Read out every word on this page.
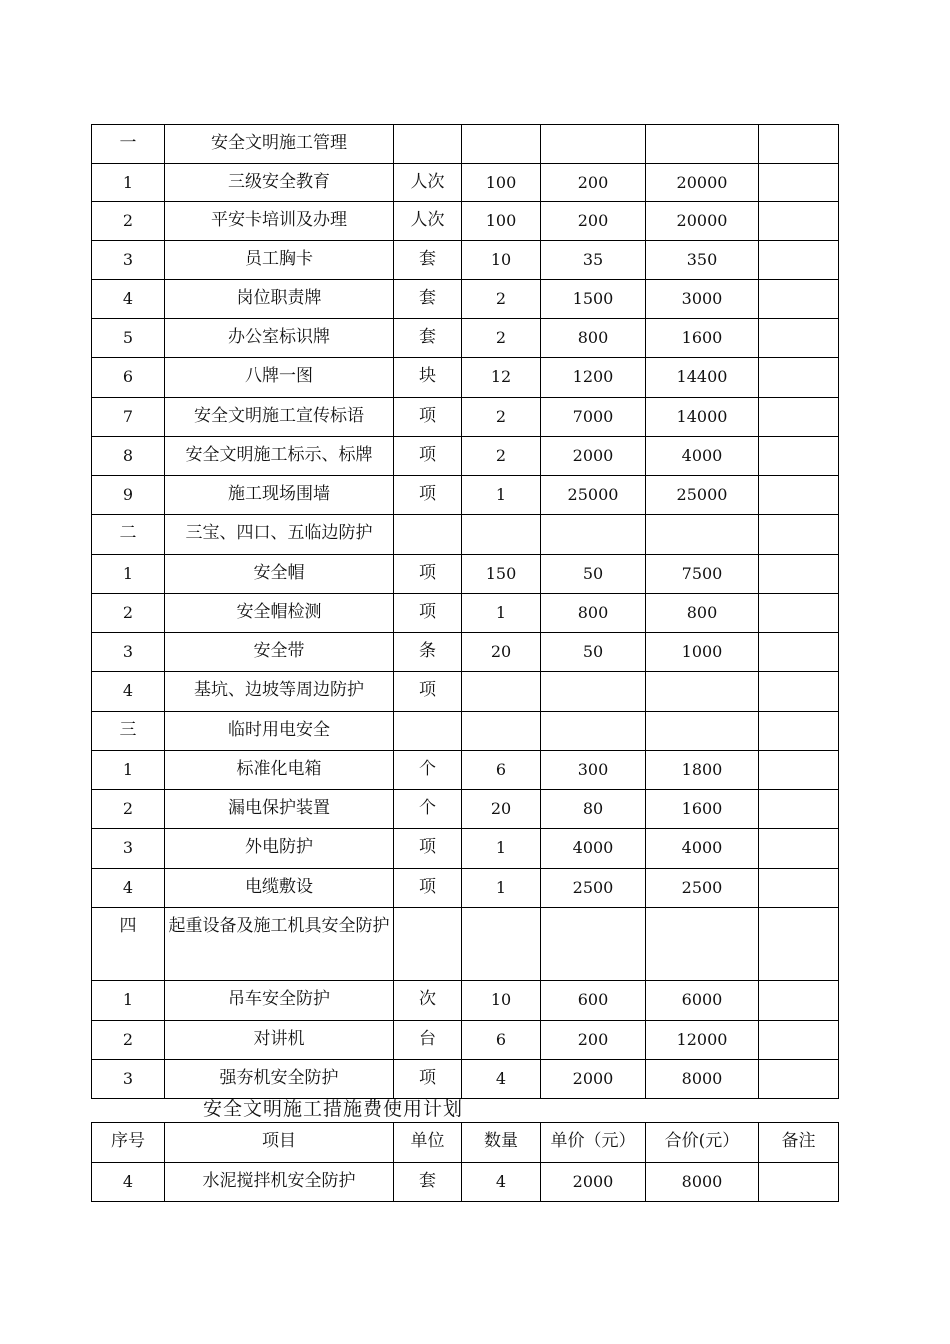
一	安全文明施工管理					

1	三级安全教育	人次	100	200	20000	

2	平安卡培训及办理	人次	100	200	20000	

3	员工胸卡	套	10	35	350	

4	岗位职责牌	套	2	1500	3000	

5	办公室标识牌	套	2	800	1600	

6	八牌一图	块	12	1200	14400	

7	安全文明施工宣传标语	项	2	7000	14000	

8	安全文明施工标示、标牌	项	2	2000	4000	

9	施工现场围墙	项	1	25000	25000	

二	三宝、四口、五临边防护					

1	安全帽	项	150	50	7500	

2	安全帽检测	项	1	800	800	

3	安全带	条	20	50	1000	

4	基坑、边坡等周边防护	项				

三	临时用电安全					

1	标准化电箱	个	6	300	1800	

2	漏电保护装置	个	20	80	1600	

3	外电防护	项	1	4000	4000	

4	电缆敷设	项	1	2500	2500	

四	起重设备及施工机具安全防护					

1	吊车安全防护	次	10	600	6000	

2	对讲机	台	6	200	12000	

3	强夯机安全防护	项	4	2000	8000	

安全文明施工措施费使用计划
序号	项目	单位	数量	单价（元）	合价(元）	备注

4	水泥搅拌机安全防护	套	4	2000	8000	
